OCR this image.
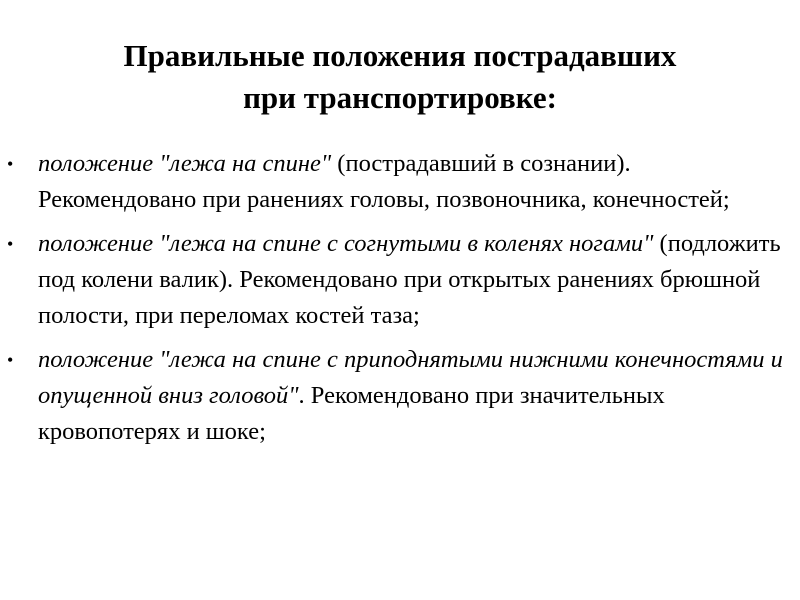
Правильные положения пострадавших
при транспортировке:
• положение "лежа на спине" (пострадавший в сознании). Рекомендовано при ранениях головы, позвоночника, конечностей;
• положение "лежа на спине с согнутыми в коленях ногами" (подложить под колени валик). Рекомендовано при открытых ранениях брюшной полости, при переломах костей таза;
• положение "лежа на спине с приподнятыми нижними конечностями и опущенной вниз головой". Рекомендовано при значительных кровопотерях и шоке;
